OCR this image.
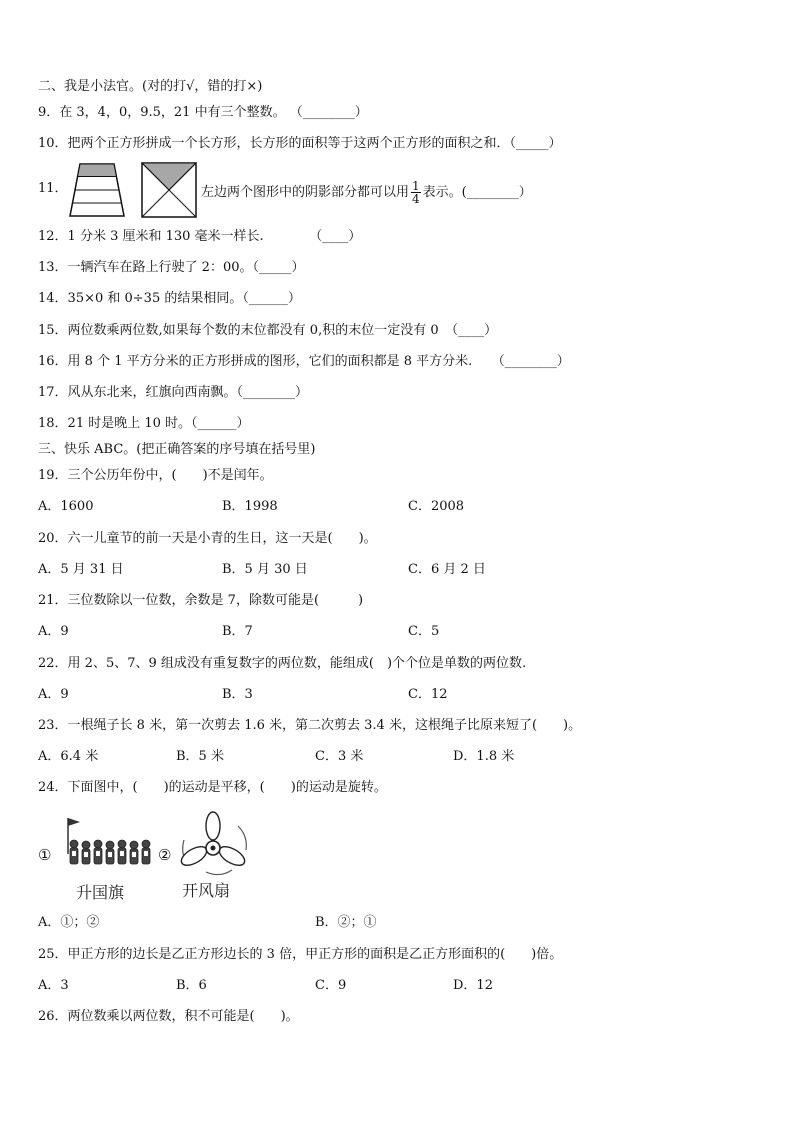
二、我是小法官。(对的打√，错的打×)
9．在 3，4，0，9.5，21 中有三个整数。 （________）
10．把两个正方形拼成一个长方形，长方形的面积等于这两个正方形的面积之和．（_____）
11．	左边两个图形中的阴影部分都可以用 $\frac{1}{4}$ 表示。(________）
12．1 分米 3 厘米和 130 毫米一样长.　　　　（____）
13．一辆汽车在路上行驶了 2：00。（_____）
14．35×0 和 0÷35 的结果相同。（______）
15．两位数乘两位数,如果每个数的末位都没有 0,积的末位一定没有 0　（____）
16．用 8 个 1 平方分米的正方形拼成的图形，它们的面积都是 8 平方分米.　　（________）
17．风从东北来，红旗向西南飘。（________）
18．21 时是晚上 10 时。（______）
三、快乐 ABC。(把正确答案的序号填在括号里)
19．三个公历年份中，(　　)不是闰年。
A．1600	B．1998	C．2008
20．六一儿童节的前一天是小青的生日，这一天是(　　)。
A．5 月 31 日	B．5 月 30 日	C．6 月 2 日
21．三位数除以一位数，余数是 7，除数可能是(　　　)
A．9	B．7	C．5
22．用 2、5、7、9 组成没有重复数字的两位数，能组成(　)个个位是单数的两位数.
A．9	B．3	C．12
23．一根绳子长 8 米，第一次剪去 1.6 米，第二次剪去 3.4 米，这根绳子比原来短了(　　)。
A．6.4 米	B．5 米	C．3 米	D．1.8 米
24．下面图中，(　　)的运动是平移，(　　)的运动是旋转。
①
升国旗
②
开风扇
A．①；②	B．②；①
25．甲正方形的边长是乙正方形边长的 3 倍，甲正方形的面积是乙正方形面积的(　　)倍。
A．3	B．6	C．9	D．12
26．两位数乘以两位数，积不可能是(　　)。
